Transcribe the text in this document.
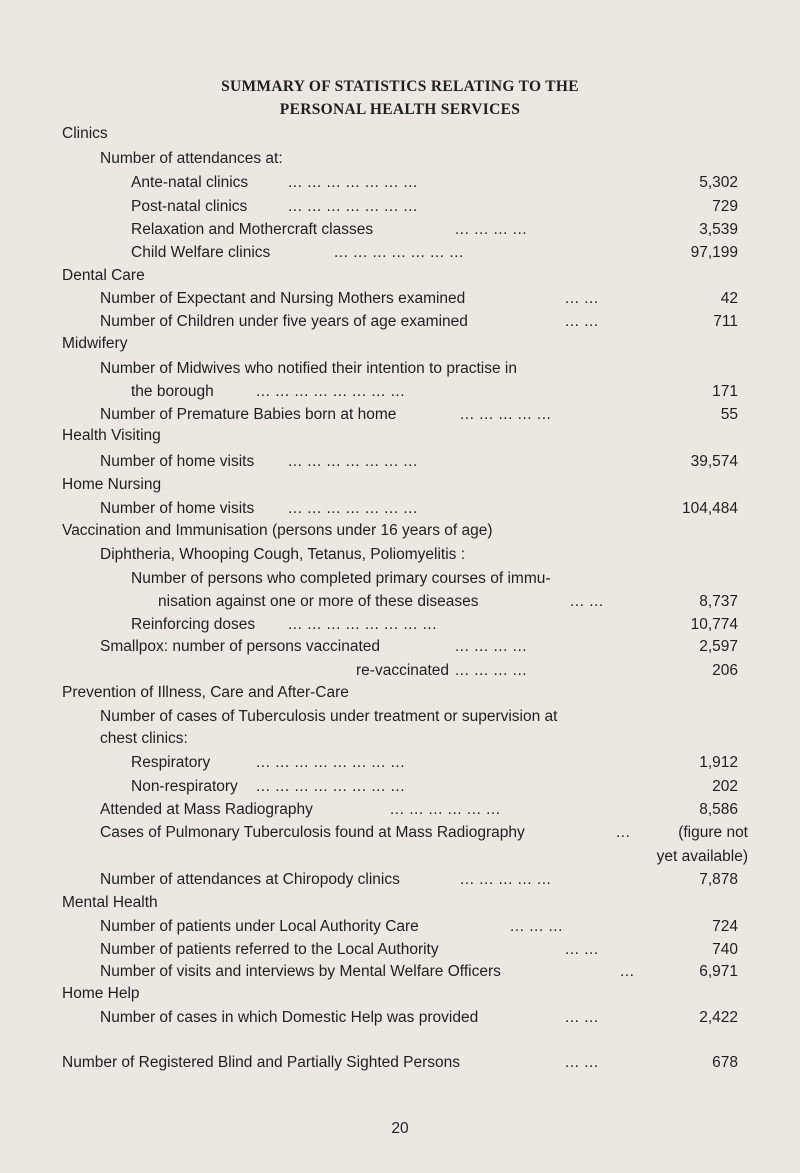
SUMMARY OF STATISTICS RELATING TO THE
PERSONAL HEALTH SERVICES
Clinics
Number of attendances at:
Ante-natal clinics	... ... ... ... ... ... ...	5,302
Post-natal clinics	... ... ... ... ... ... ...	729
Relaxation and Mothercraft classes	... ... ... ...	3,539
Child Welfare clinics	... ... ... ... ... ... ...	97,199
Dental Care
Number of Expectant and Nursing Mothers examined	... ...	42
Number of Children under five years of age examined	... ...	711
Midwifery
Number of Midwives who notified their intention to practise in
the borough	... ... ... ... ... ... ... ...	171
Number of Premature Babies born at home	... ... ... ... ...	55
Health Visiting
Number of home visits ... ... ... ... ... ... ...	39,574
Home Nursing
Number of home visits ... ... ... ... ... ... ...	104,484
Vaccination and Immunisation (persons under 16 years of age)
Diphtheria, Whooping Cough, Tetanus, Poliomyelitis :
Number of persons who completed primary courses of immu-
nisation against one or more of these diseases	... ...	8,737
Reinforcing doses ... ... ... ... ... ... ... ...	10,774
Smallpox: number of persons vaccinated	... ... ... ...	2,597
re-vaccinated ... ... ... ...	206
Prevention of Illness, Care and After-Care
Number of cases of Tuberculosis under treatment or supervision at
chest clinics:
Respiratory	... ... ... ... ... ... ... ...	1,912
Non-respiratory ... ... ... ... ... ... ... ...	202
Attended at Mass Radiography	... ... ... ... ... ...	8,586
Cases of Pulmonary Tuberculosis found at Mass Radiography	...	(figure not
yet available)
Number of attendances at Chiropody clinics	... ... ... ... ...	7,878
Mental Health
Number of patients under Local Authority Care	... ... ...	724
Number of patients referred to the Local Authority	... ...	740
Number of visits and interviews by Mental Welfare Officers	...	6,971
Home Help
Number of cases in which Domestic Help was provided	... ...	2,422
Number of Registered Blind and Partially Sighted Persons	... ...	678
20
